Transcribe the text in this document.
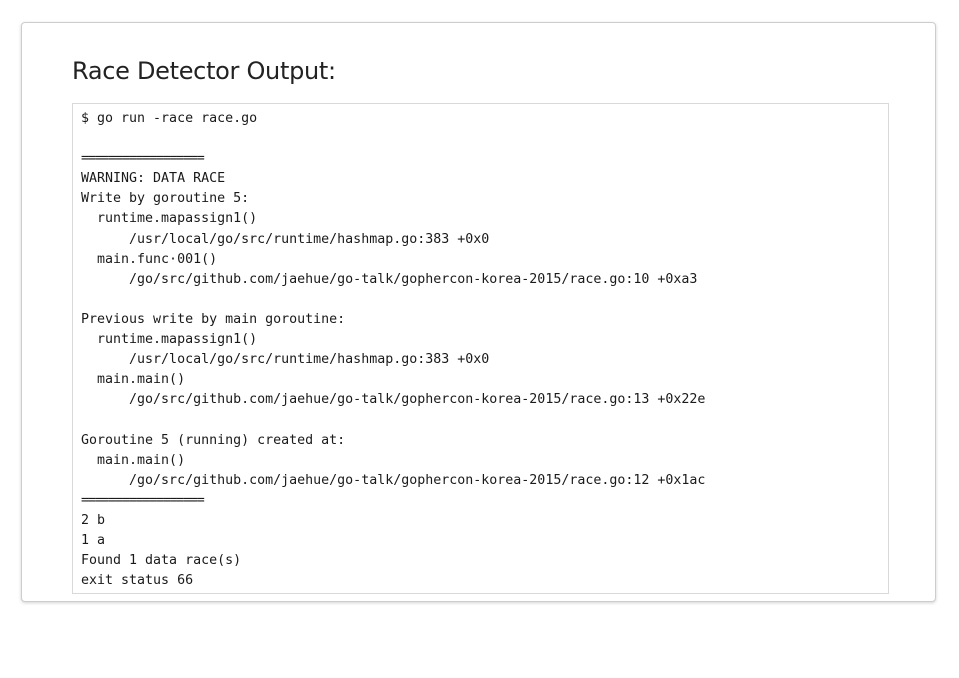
Race Detector Output:
$ go run -race race.go
==================
WARNING: DATA RACE
Write by goroutine 5:
runtime.mapassign1()
/usr/local/go/src/runtime/hashmap.go:383 +0x0
main.func·001()
/go/src/github.com/jaehue/go-talk/gophercon-korea-2015/race.go:10 +0xa3
Previous write by main goroutine:
runtime.mapassign1()
/usr/local/go/src/runtime/hashmap.go:383 +0x0
main.main()
/go/src/github.com/jaehue/go-talk/gophercon-korea-2015/race.go:13 +0x22e
Goroutine 5 (running) created at:
main.main()
/go/src/github.com/jaehue/go-talk/gophercon-korea-2015/race.go:12 +0x1ac
==================
2 b
1 a
Found 1 data race(s)
exit status 66
